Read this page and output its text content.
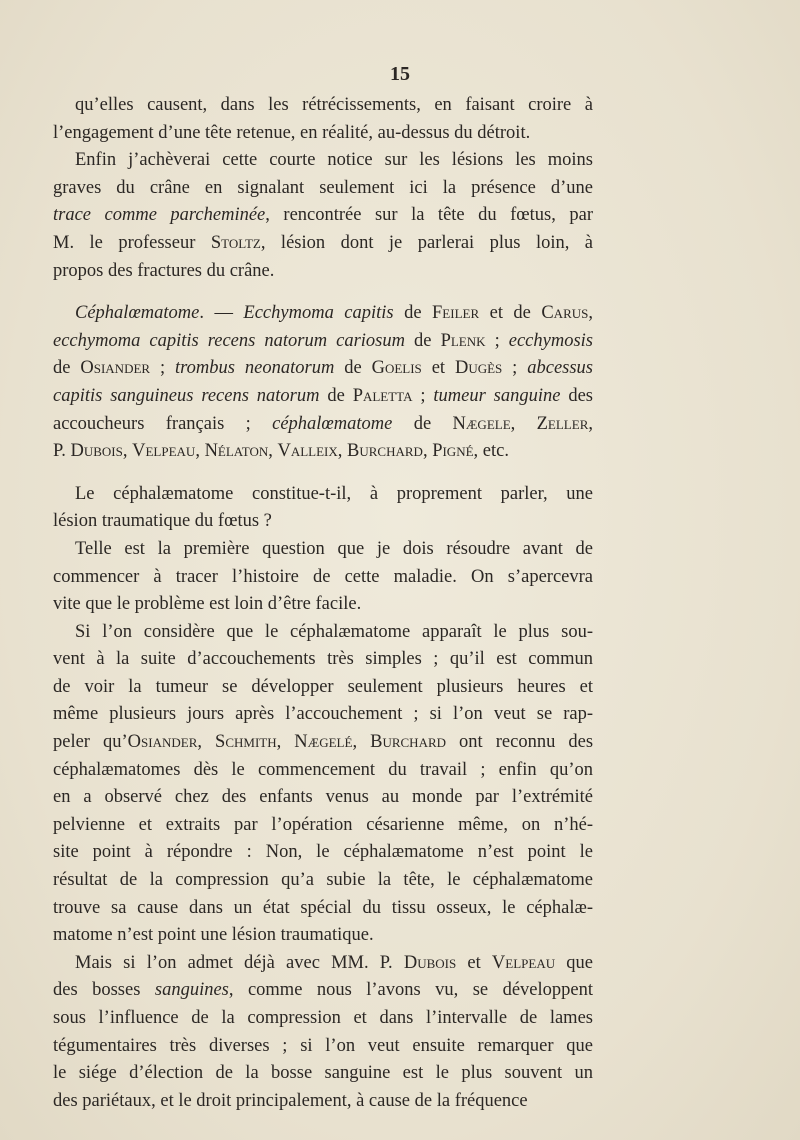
15
qu’elles causent, dans les rétrécissements, en faisant croire à
l’engagement d’une tête retenue, en réalité, au-dessus du détroit.
Enfin j’achèverai cette courte notice sur les lésions les moins
graves du crâne en signalant seulement ici la présence d’une
trace comme parcheminée, rencontrée sur la tête du fœtus, par
M. le professeur Stoltz, lésion dont je parlerai plus loin, à
propos des fractures du crâne.
Céphalœmatome. — Ecchymoma capitis de Feiler et de Carus,
ecchymoma capitis recens natorum cariosum de Plenk ; ecchymosis
de Osiander ; trombus neonatorum de Goelis et Dugès ; abcessus
capitis sanguineus recens natorum de Paletta ; tumeur sanguine des
accoucheurs français ; céphalœmatome de Nægele, Zeller,
P. Dubois, Velpeau, Nélaton, Valleix, Burchard, Pigné, etc.
Le céphalæmatome constitue-t-il, à proprement parler, une
lésion traumatique du fœtus ?
Telle est la première question que je dois résoudre avant de
commencer à tracer l’histoire de cette maladie. On s’apercevra
vite que le problème est loin d’être facile.
Si l’on considère que le céphalæmatome apparaît le plus sou-
vent à la suite d’accouchements très simples ; qu’il est commun
de voir la tumeur se développer seulement plusieurs heures et
même plusieurs jours après l’accouchement ; si l’on veut se rap-
peler qu’Osiander, Schmith, Nægelé, Burchard ont reconnu des
céphalæmatomes dès le commencement du travail ; enfin qu’on
en a observé chez des enfants venus au monde par l’extrémité
pelvienne et extraits par l’opération césarienne même, on n’hé-
site point à répondre : Non, le céphalæmatome n’est point le
résultat de la compression qu’a subie la tête, le céphalæmatome
trouve sa cause dans un état spécial du tissu osseux, le céphalæ-
matome n’est point une lésion traumatique.
Mais si l’on admet déjà avec MM. P. Dubois et Velpeau que
des bosses sanguines, comme nous l’avons vu, se développent
sous l’influence de la compression et dans l’intervalle de lames
tégumentaires très diverses ; si l’on veut ensuite remarquer que
le siége d’élection de la bosse sanguine est le plus souvent un
des pariétaux, et le droit principalement, à cause de la fréquence
